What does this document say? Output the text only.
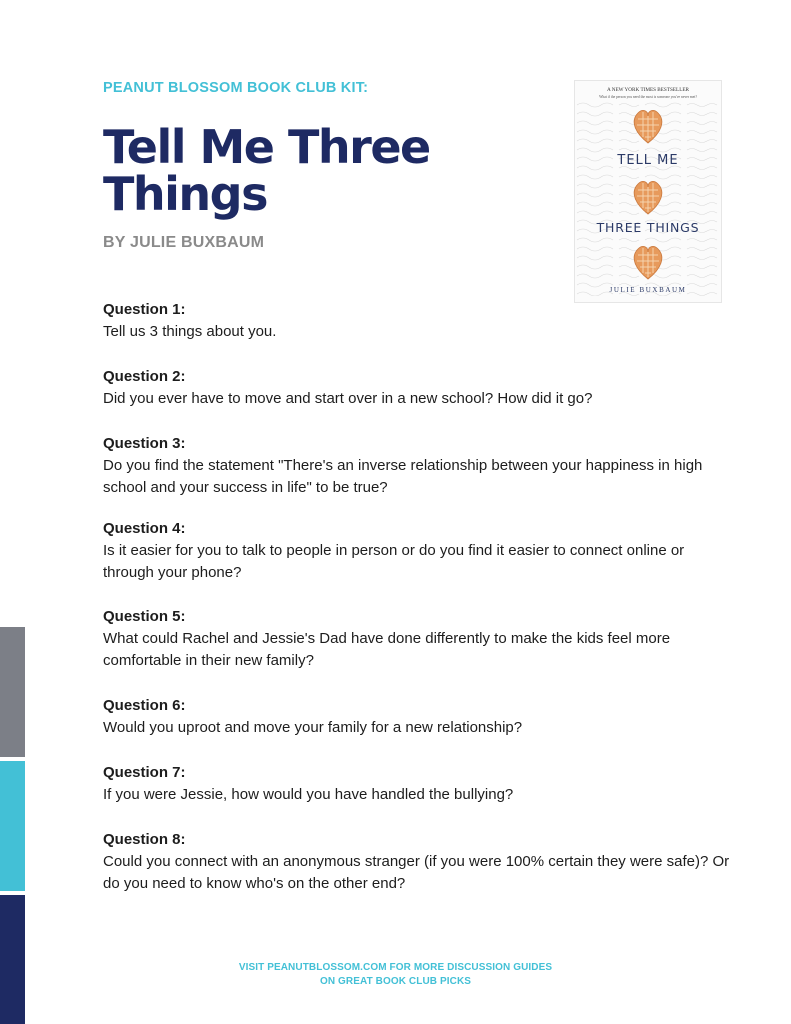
PEANUT BLOSSOM BOOK CLUB KIT:
Tell Me Three Things
BY JULIE BUXBAUM
A NEW YORK TIMES BESTSELLER
What if the person you need the most is someone you've never met?
TELL ME
THREE THINGS
JULIE BUXBAUM
Question 1:
Tell us 3 things about you.
Question 2:
Did you ever have to move and start over in a new school? How did it go?
Question 3:
Do you find the statement "There's an inverse relationship between your happiness in high school and your success in life" to be true?
Question 4:
Is it easier for you to talk to people in person or do you find it easier to connect online or through your phone?
Question 5:
What could Rachel and Jessie's Dad have done differently to make the kids feel more comfortable in their new family?
Question 6:
Would you uproot and move your family for a new relationship?
Question 7:
If you were Jessie, how would you have handled the bullying?
Question 8:
Could you connect with an anonymous stranger (if you were 100% certain they were safe)? Or do you need to know who's on the other end?
VISIT PEANUTBLOSSOM.COM FOR MORE DISCUSSION GUIDES
ON GREAT BOOK CLUB PICKS
